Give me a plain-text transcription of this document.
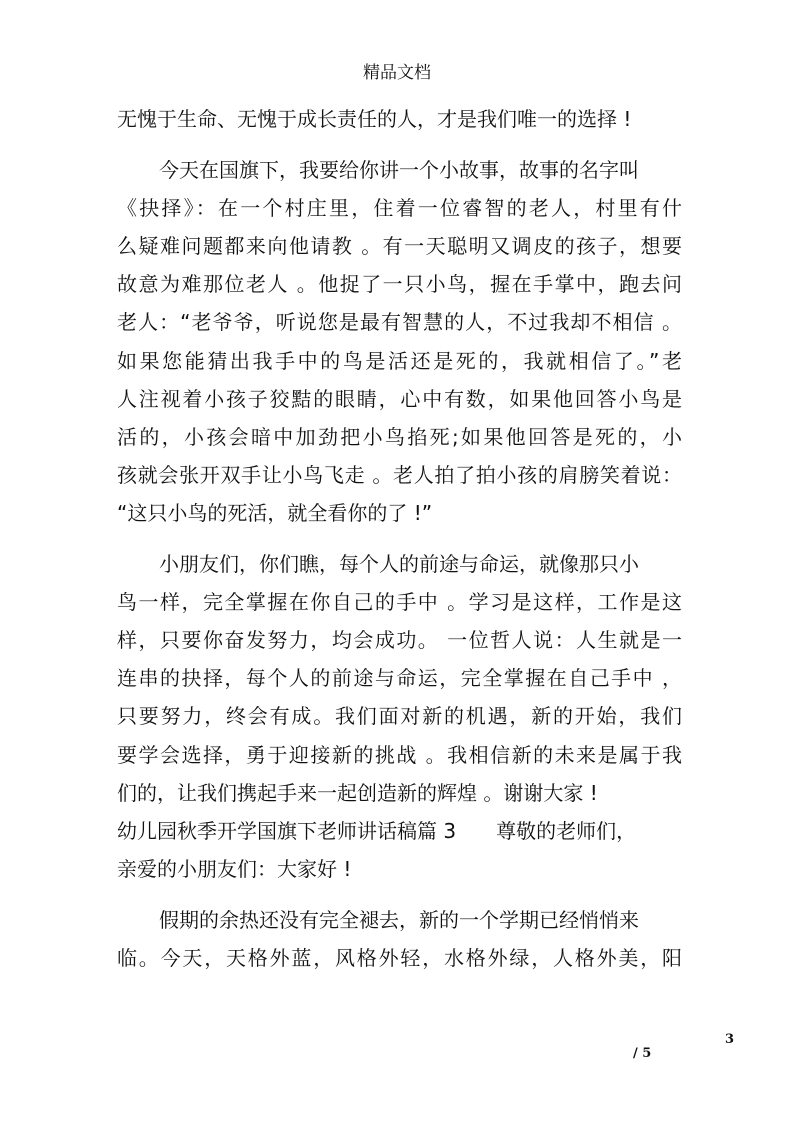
精品文档
无愧于生命、无愧于成长责任的人，才是我们唯一的选择 !
今天在国旗下，我要给你讲一个小故事，故事的名字叫
《抉择》：在一个村庄里，住着一位睿智的老人，村里有什
么疑难问题都来向他请教 。有一天聪明又调皮的孩子，想要
故意为难那位老人 。他捉了一只小鸟，握在手掌中，跑去问
老人：“老爷爷，听说您是最有智慧的人，不过我却不相信 。
如果您能猜出我手中的鸟是活还是死的，我就相信了。”老
人注视着小孩子狡黠的眼睛，心中有数，如果他回答小鸟是
活的，小孩会暗中加劲把小鸟掐死;如果他回答是死的，小
孩就会张开双手让小鸟飞走 。老人拍了拍小孩的肩膀笑着说：
“这只小鸟的死活，就全看你的了 !”
小朋友们，你们瞧，每个人的前途与命运，就像那只小
鸟一样，完全掌握在你自己的手中 。学习是这样，工作是这
样，只要你奋发努力，均会成功。 一位哲人说：人生就是一
连串的抉择，每个人的前途与命运，完全掌握在自己手中 ，
只要努力，终会有成。我们面对新的机遇，新的开始，我们
要学会选择，勇于迎接新的挑战 。我相信新的未来是属于我
们的，让我们携起手来一起创造新的辉煌 。谢谢大家 !
幼儿园秋季开学国旗下老师讲话稿篇 3 尊敬的老师们，
亲爱的小朋友们：大家好 !
假期的余热还没有完全褪去，新的一个学期已经悄悄来
临。今天，天格外蓝，风格外轻，水格外绿，人格外美，阳
3
/ 5
